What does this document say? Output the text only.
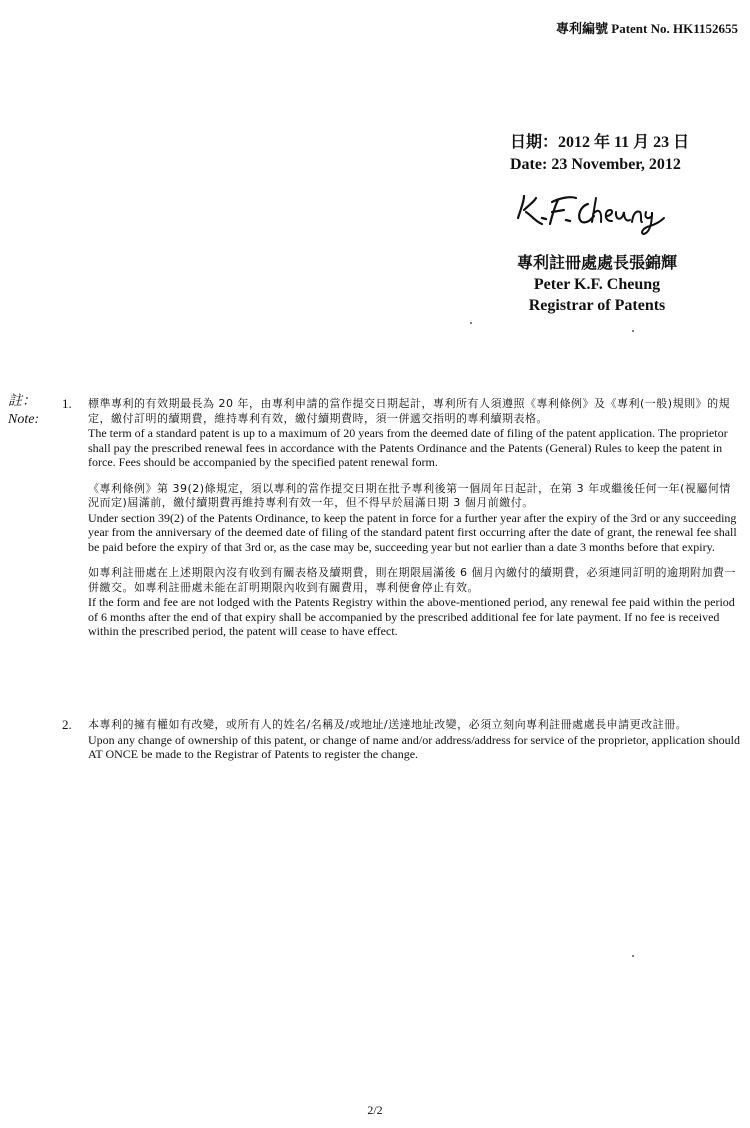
專利編號 Patent No. HK1152655
日期：2012 年 11 月 23 日
Date: 23 November, 2012
專利註冊處處長張錦輝
Peter K.F. Cheung
Registrar of Patents
註：
Note:
1. 標準專利的有效期最長為 20 年，由專利申請的當作提交日期起計，專利所有人須遵照《專利條例》及《專利(一般)規則》的規定，繳付訂明的續期費，維持專利有效，繳付續期費時，須一併遞交指明的專利續期表格。
The term of a standard patent is up to a maximum of 20 years from the deemed date of filing of the patent application. The proprietor shall pay the prescribed renewal fees in accordance with the Patents Ordinance and the Patents (General) Rules to keep the patent in force. Fees should be accompanied by the specified patent renewal form.
《專利條例》第 39(2)條規定，須以專利的當作提交日期在批予專利後第一個周年日起計，在第 3 年或繼後任何一年(視屬何情況而定)屆滿前，繳付續期費再維持專利有效一年，但不得早於屆滿日期 3 個月前繳付。
Under section 39(2) of the Patents Ordinance, to keep the patent in force for a further year after the expiry of the 3rd or any succeeding year from the anniversary of the deemed date of filing of the standard patent first occurring after the date of grant, the renewal fee shall be paid before the expiry of that 3rd or, as the case may be, succeeding year but not earlier than a date 3 months before that expiry.
如專利註冊處在上述期限內沒有收到有關表格及續期費，則在期限屆滿後 6 個月內繳付的續期費，必須連同訂明的逾期附加費一併繳交。如專利註冊處未能在訂明期限內收到有關費用，專利便會停止有效。
If the form and fee are not lodged with the Patents Registry within the above-mentioned period, any renewal fee paid within the period of 6 months after the end of that expiry shall be accompanied by the prescribed additional fee for late payment. If no fee is received within the prescribed period, the patent will cease to have effect.
2. 本專利的擁有權如有改變，或所有人的姓名/名稱及/或地址/送達地址改變，必須立刻向專利註冊處處長申請更改註冊。
Upon any change of ownership of this patent, or change of name and/or address/address for service of the proprietor, application should AT ONCE be made to the Registrar of Patents to register the change.
2/2
